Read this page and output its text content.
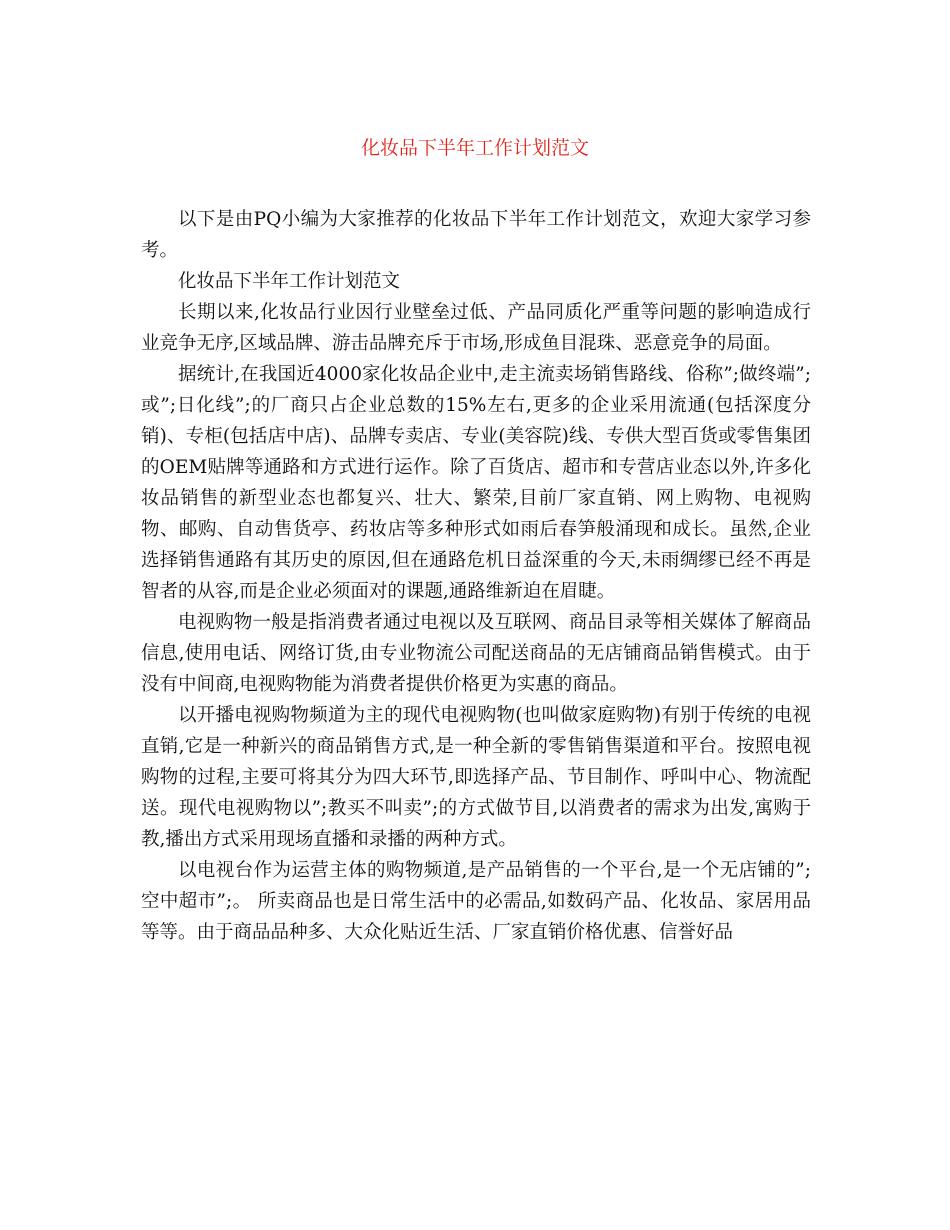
化妆品下半年工作计划范文

以下是由PQ小编为大家推荐的化妆品下半年工作计划范文，欢迎大家学习参考。

化妆品下半年工作计划范文

长期以来,化妆品行业因行业壁垒过低、产品同质化严重等问题的影响造成行业竞争无序,区域品牌、游击品牌充斥于市场,形成鱼目混珠、恶意竞争的局面。

据统计,在我国近4000家化妆品企业中,走主流卖场销售路线、俗称”;做终端”;或”;日化线”;的厂商只占企业总数的15%左右,更多的企业采用流通(包括深度分销)、专柜(包括店中店)、品牌专卖店、专业(美容院)线、专供大型百货或零售集团的OEM贴牌等通路和方式进行运作。除了百货店、超市和专营店业态以外,许多化妆品销售的新型业态也都复兴、壮大、繁荣,目前厂家直销、网上购物、电视购物、邮购、自动售货亭、药妆店等多种形式如雨后春笋般涌现和成长。虽然,企业选择销售通路有其历史的原因,但在通路危机日益深重的今天,未雨绸缪已经不再是智者的从容,而是企业必须面对的课题,通路维新迫在眉睫。

电视购物一般是指消费者通过电视以及互联网、商品目录等相关媒体了解商品信息,使用电话、网络订货,由专业物流公司配送商品的无店铺商品销售模式。由于没有中间商,电视购物能为消费者提供价格更为实惠的商品。

以开播电视购物频道为主的现代电视购物(也叫做家庭购物)有别于传统的电视直销,它是一种新兴的商品销售方式,是一种全新的零售销售渠道和平台。按照电视购物的过程,主要可将其分为四大环节,即选择产品、节目制作、呼叫中心、物流配送。现代电视购物以”;教买不叫卖”;的方式做节目,以消费者的需求为出发,寓购于教,播出方式采用现场直播和录播的两种方式。

以电视台作为运营主体的购物频道,是产品销售的一个平台,是一个无店铺的”;空中超市”;。 所卖商品也是日常生活中的必需品,如数码产品、化妆品、家居用品等等。由于商品品种多、大众化贴近生活、厂家直销价格优惠、信誉好品
